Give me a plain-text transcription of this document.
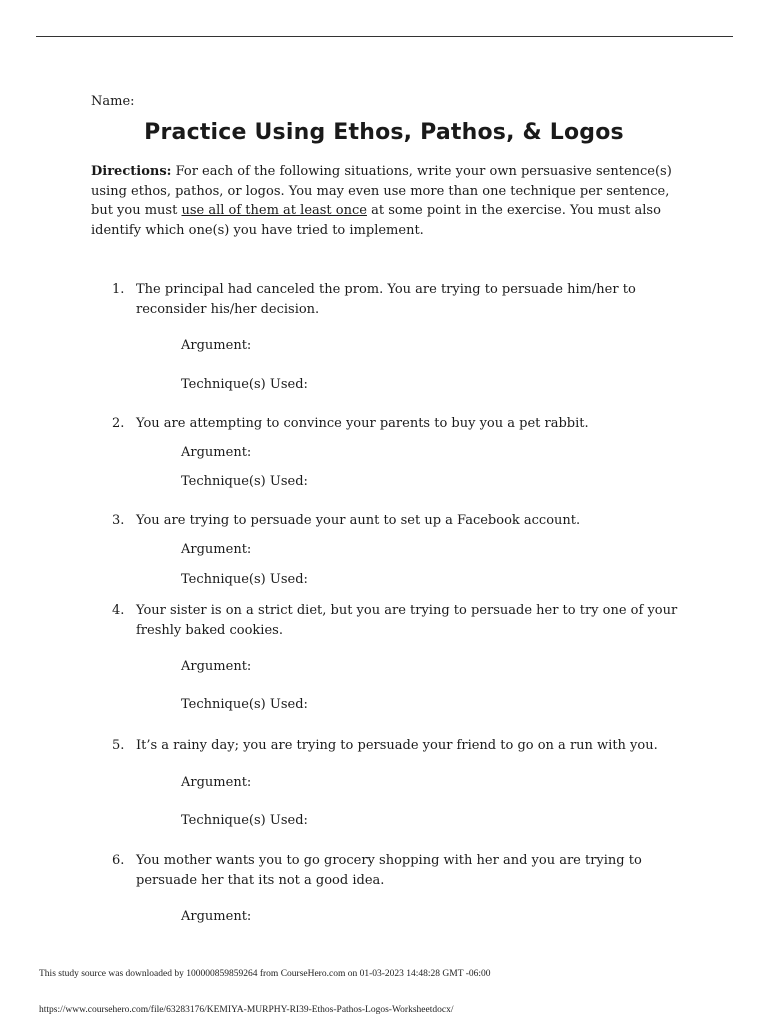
Name:
Practice Using Ethos, Pathos, & Logos
Directions: For each of the following situations, write your own persuasive sentence(s) using ethos, pathos, or logos. You may even use more than one technique per sentence, but you must use all of them at least once at some point in the exercise. You must also identify which one(s) you have tried to implement.
1. The principal had canceled the prom. You are trying to persuade him/her to reconsider his/her decision.
Argument:
Technique(s) Used:
2. You are attempting to convince your parents to buy you a pet rabbit.
Argument:
Technique(s) Used:
3. You are trying to persuade your aunt to set up a Facebook account.
Argument:
Technique(s) Used:
4. Your sister is on a strict diet, but you are trying to persuade her to try one of your freshly baked cookies.
Argument:
Technique(s) Used:
5. It’s a rainy day; you are trying to persuade your friend to go on a run with you.
Argument:
Technique(s) Used:
6. You mother wants you to go grocery shopping with her and you are trying to persuade her that its not a good idea.
Argument:
This study source was downloaded by 100000859859264 from CourseHero.com on 01-03-2023 14:48:28 GMT -06:00
https://www.coursehero.com/file/63283176/KEMIYA-MURPHY-RI39-Ethos-Pathos-Logos-Worksheetdocx/
